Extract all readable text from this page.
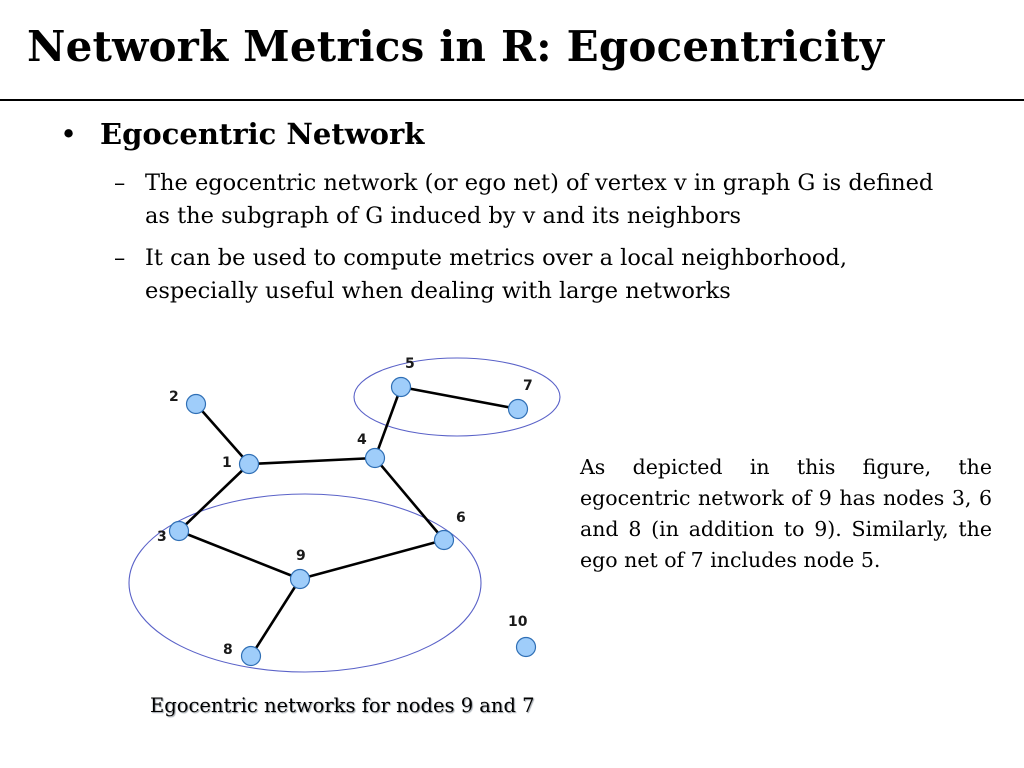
Network Metrics in R: Egocentricity
• Egocentric Network
– The egocentric network (or ego net) of vertex v in graph G is defined as the subgraph of G induced by v and its neighbors
– It can be used to compute metrics over a local neighborhood, especially useful when dealing with large networks
1
2
3
4
5
6
7
8
9
10
As depicted in this figure, the egocentric network of 9 has nodes 3, 6 and 8 (in addition to 9). Similarly, the ego net of 7 includes node 5.
Egocentric networks for nodes 9 and 7
